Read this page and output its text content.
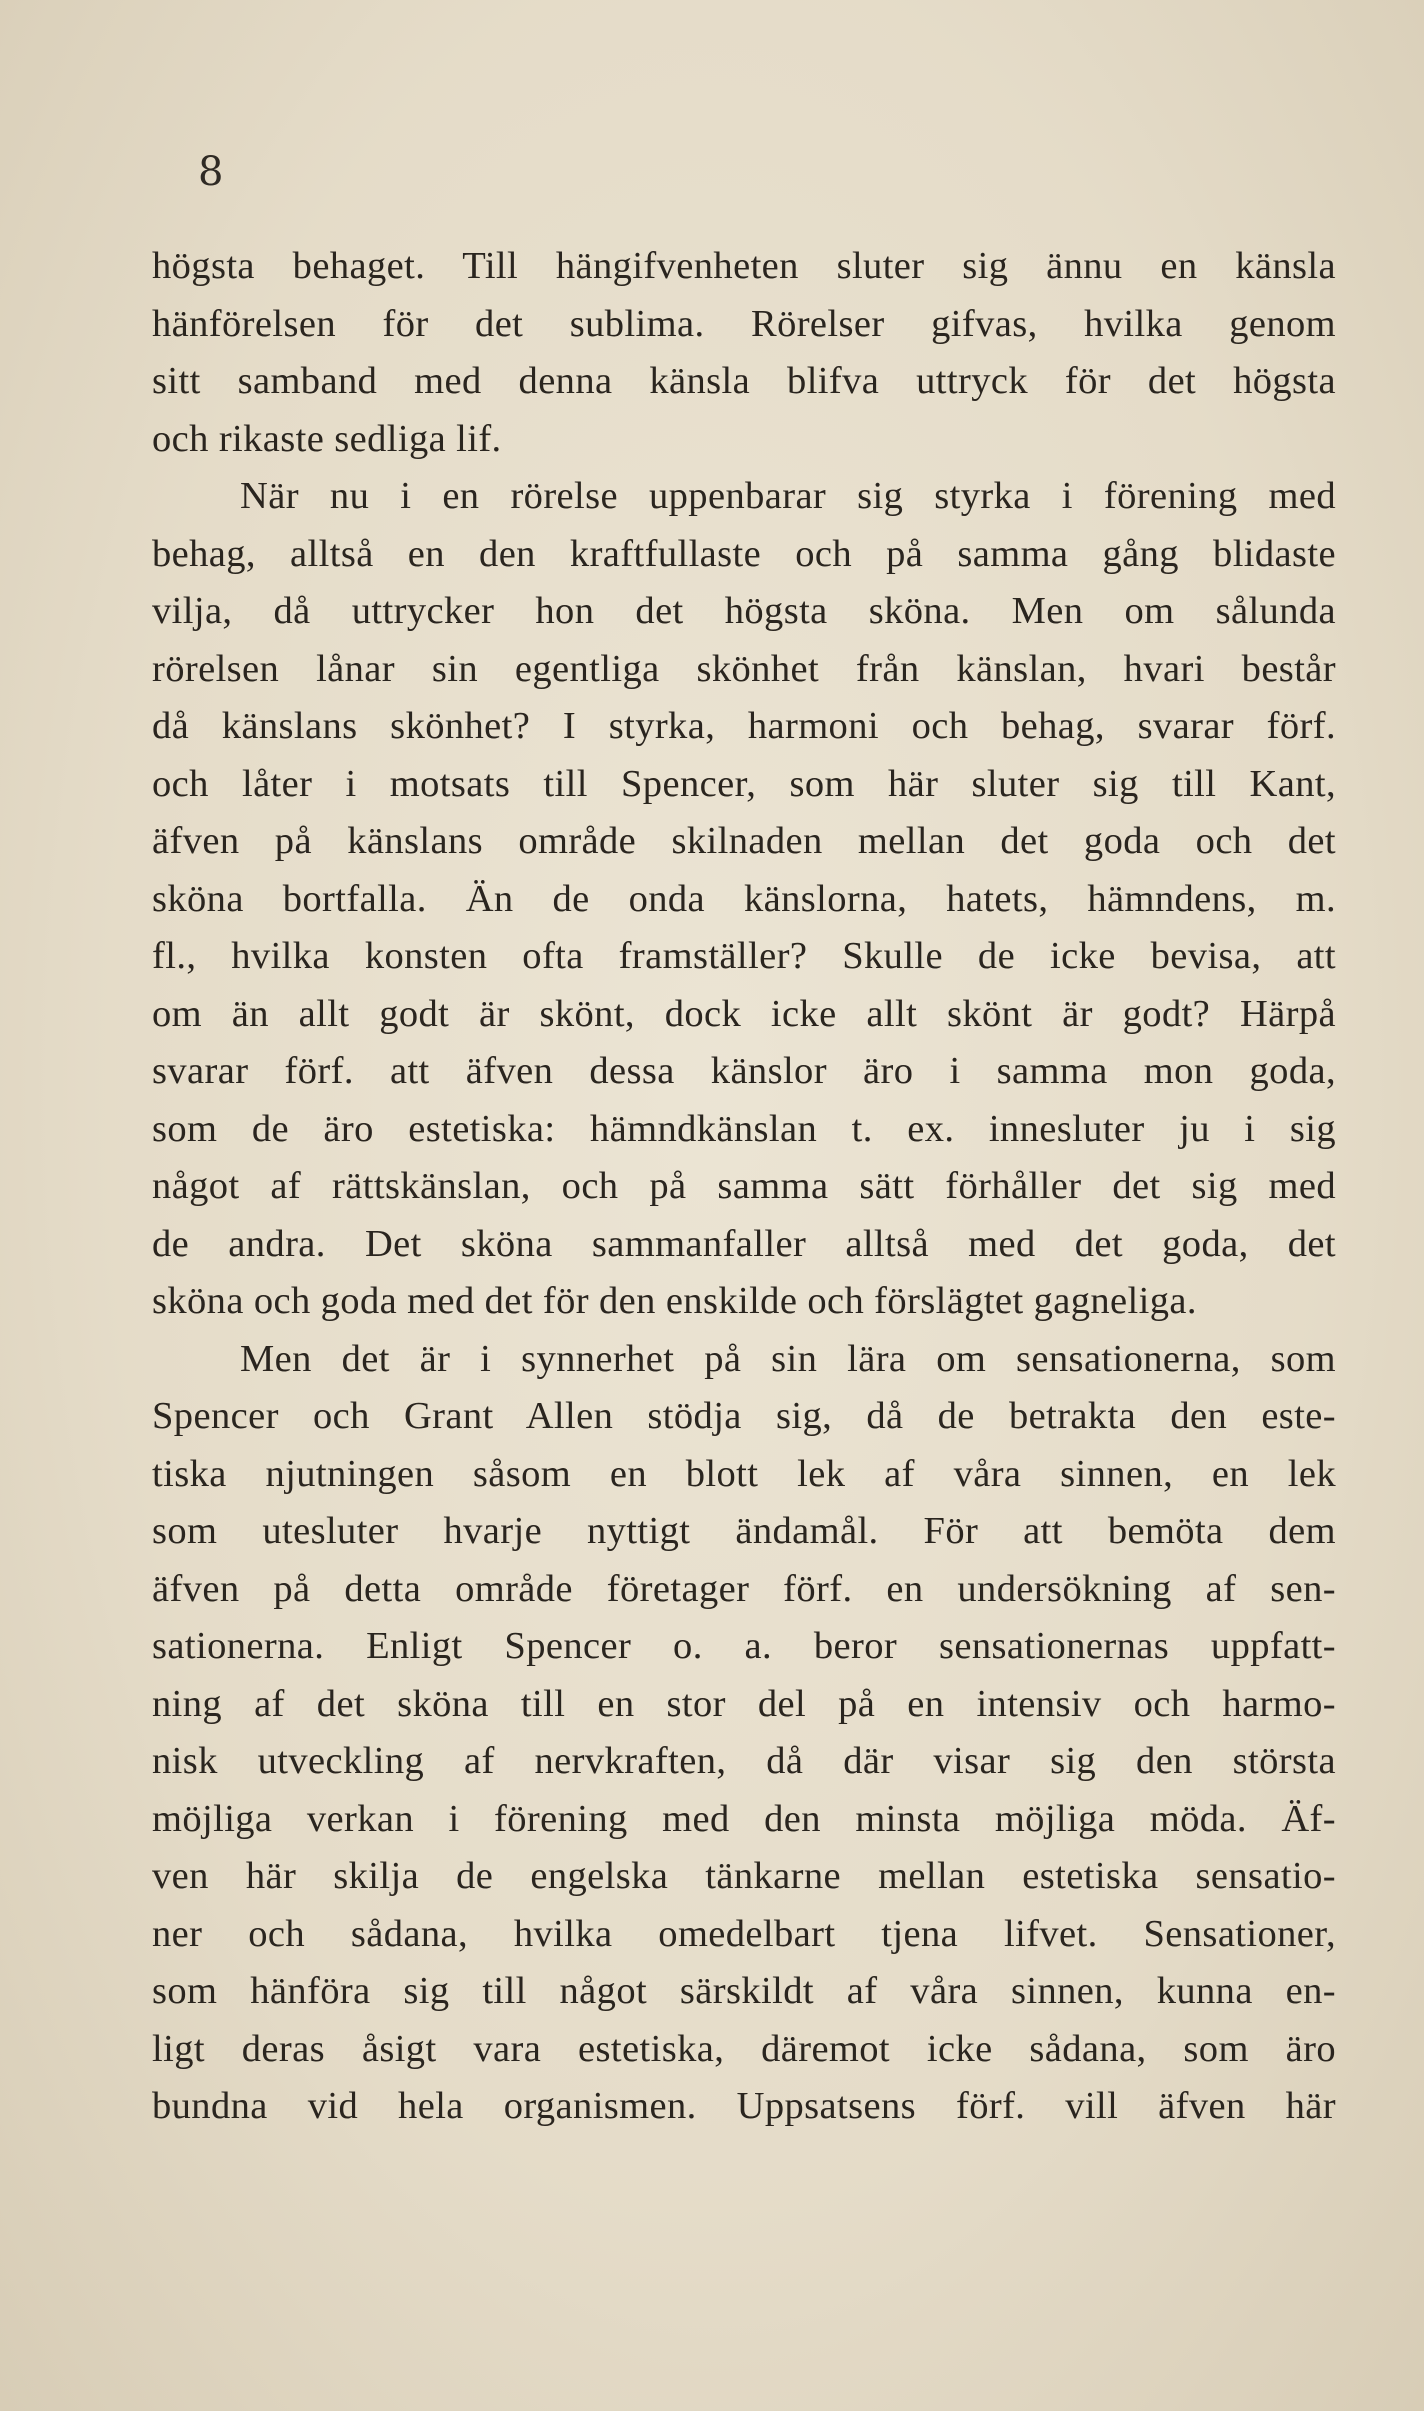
8
högsta behaget. Till hängifvenheten sluter sig ännu en känsla
hänförelsen för det sublima. Rörelser gifvas, hvilka genom
sitt samband med denna känsla blifva uttryck för det högsta
och rikaste sedliga lif.
När nu i en rörelse uppenbarar sig styrka i förening med
behag, alltså en den kraftfullaste och på samma gång blidaste
vilja, då uttrycker hon det högsta sköna. Men om sålunda
rörelsen lånar sin egentliga skönhet från känslan, hvari består
då känslans skönhet? I styrka, harmoni och behag, svarar förf.
och låter i motsats till Spencer, som här sluter sig till Kant,
äfven på känslans område skilnaden mellan det goda och det
sköna bortfalla. Än de onda känslorna, hatets, hämndens, m.
fl., hvilka konsten ofta framställer? Skulle de icke bevisa, att
om än allt godt är skönt, dock icke allt skönt är godt? Härpå
svarar förf. att äfven dessa känslor äro i samma mon goda,
som de äro estetiska: hämndkänslan t. ex. innesluter ju i sig
något af rättskänslan, och på samma sätt förhåller det sig med
de andra. Det sköna sammanfaller alltså med det goda, det
sköna och goda med det för den enskilde och förslägtet gagneliga.
Men det är i synnerhet på sin lära om sensationerna, som
Spencer och Grant Allen stödja sig, då de betrakta den este-
tiska njutningen såsom en blott lek af våra sinnen, en lek
som utesluter hvarje nyttigt ändamål. För att bemöta dem
äfven på detta område företager förf. en undersökning af sen-
sationerna. Enligt Spencer o. a. beror sensationernas uppfatt-
ning af det sköna till en stor del på en intensiv och harmo-
nisk utveckling af nervkraften, då där visar sig den största
möjliga verkan i förening med den minsta möjliga möda. Äf-
ven här skilja de engelska tänkarne mellan estetiska sensatio-
ner och sådana, hvilka omedelbart tjena lifvet. Sensationer,
som hänföra sig till något särskildt af våra sinnen, kunna en-
ligt deras åsigt vara estetiska, däremot icke sådana, som äro
bundna vid hela organismen. Uppsatsens förf. vill äfven här
